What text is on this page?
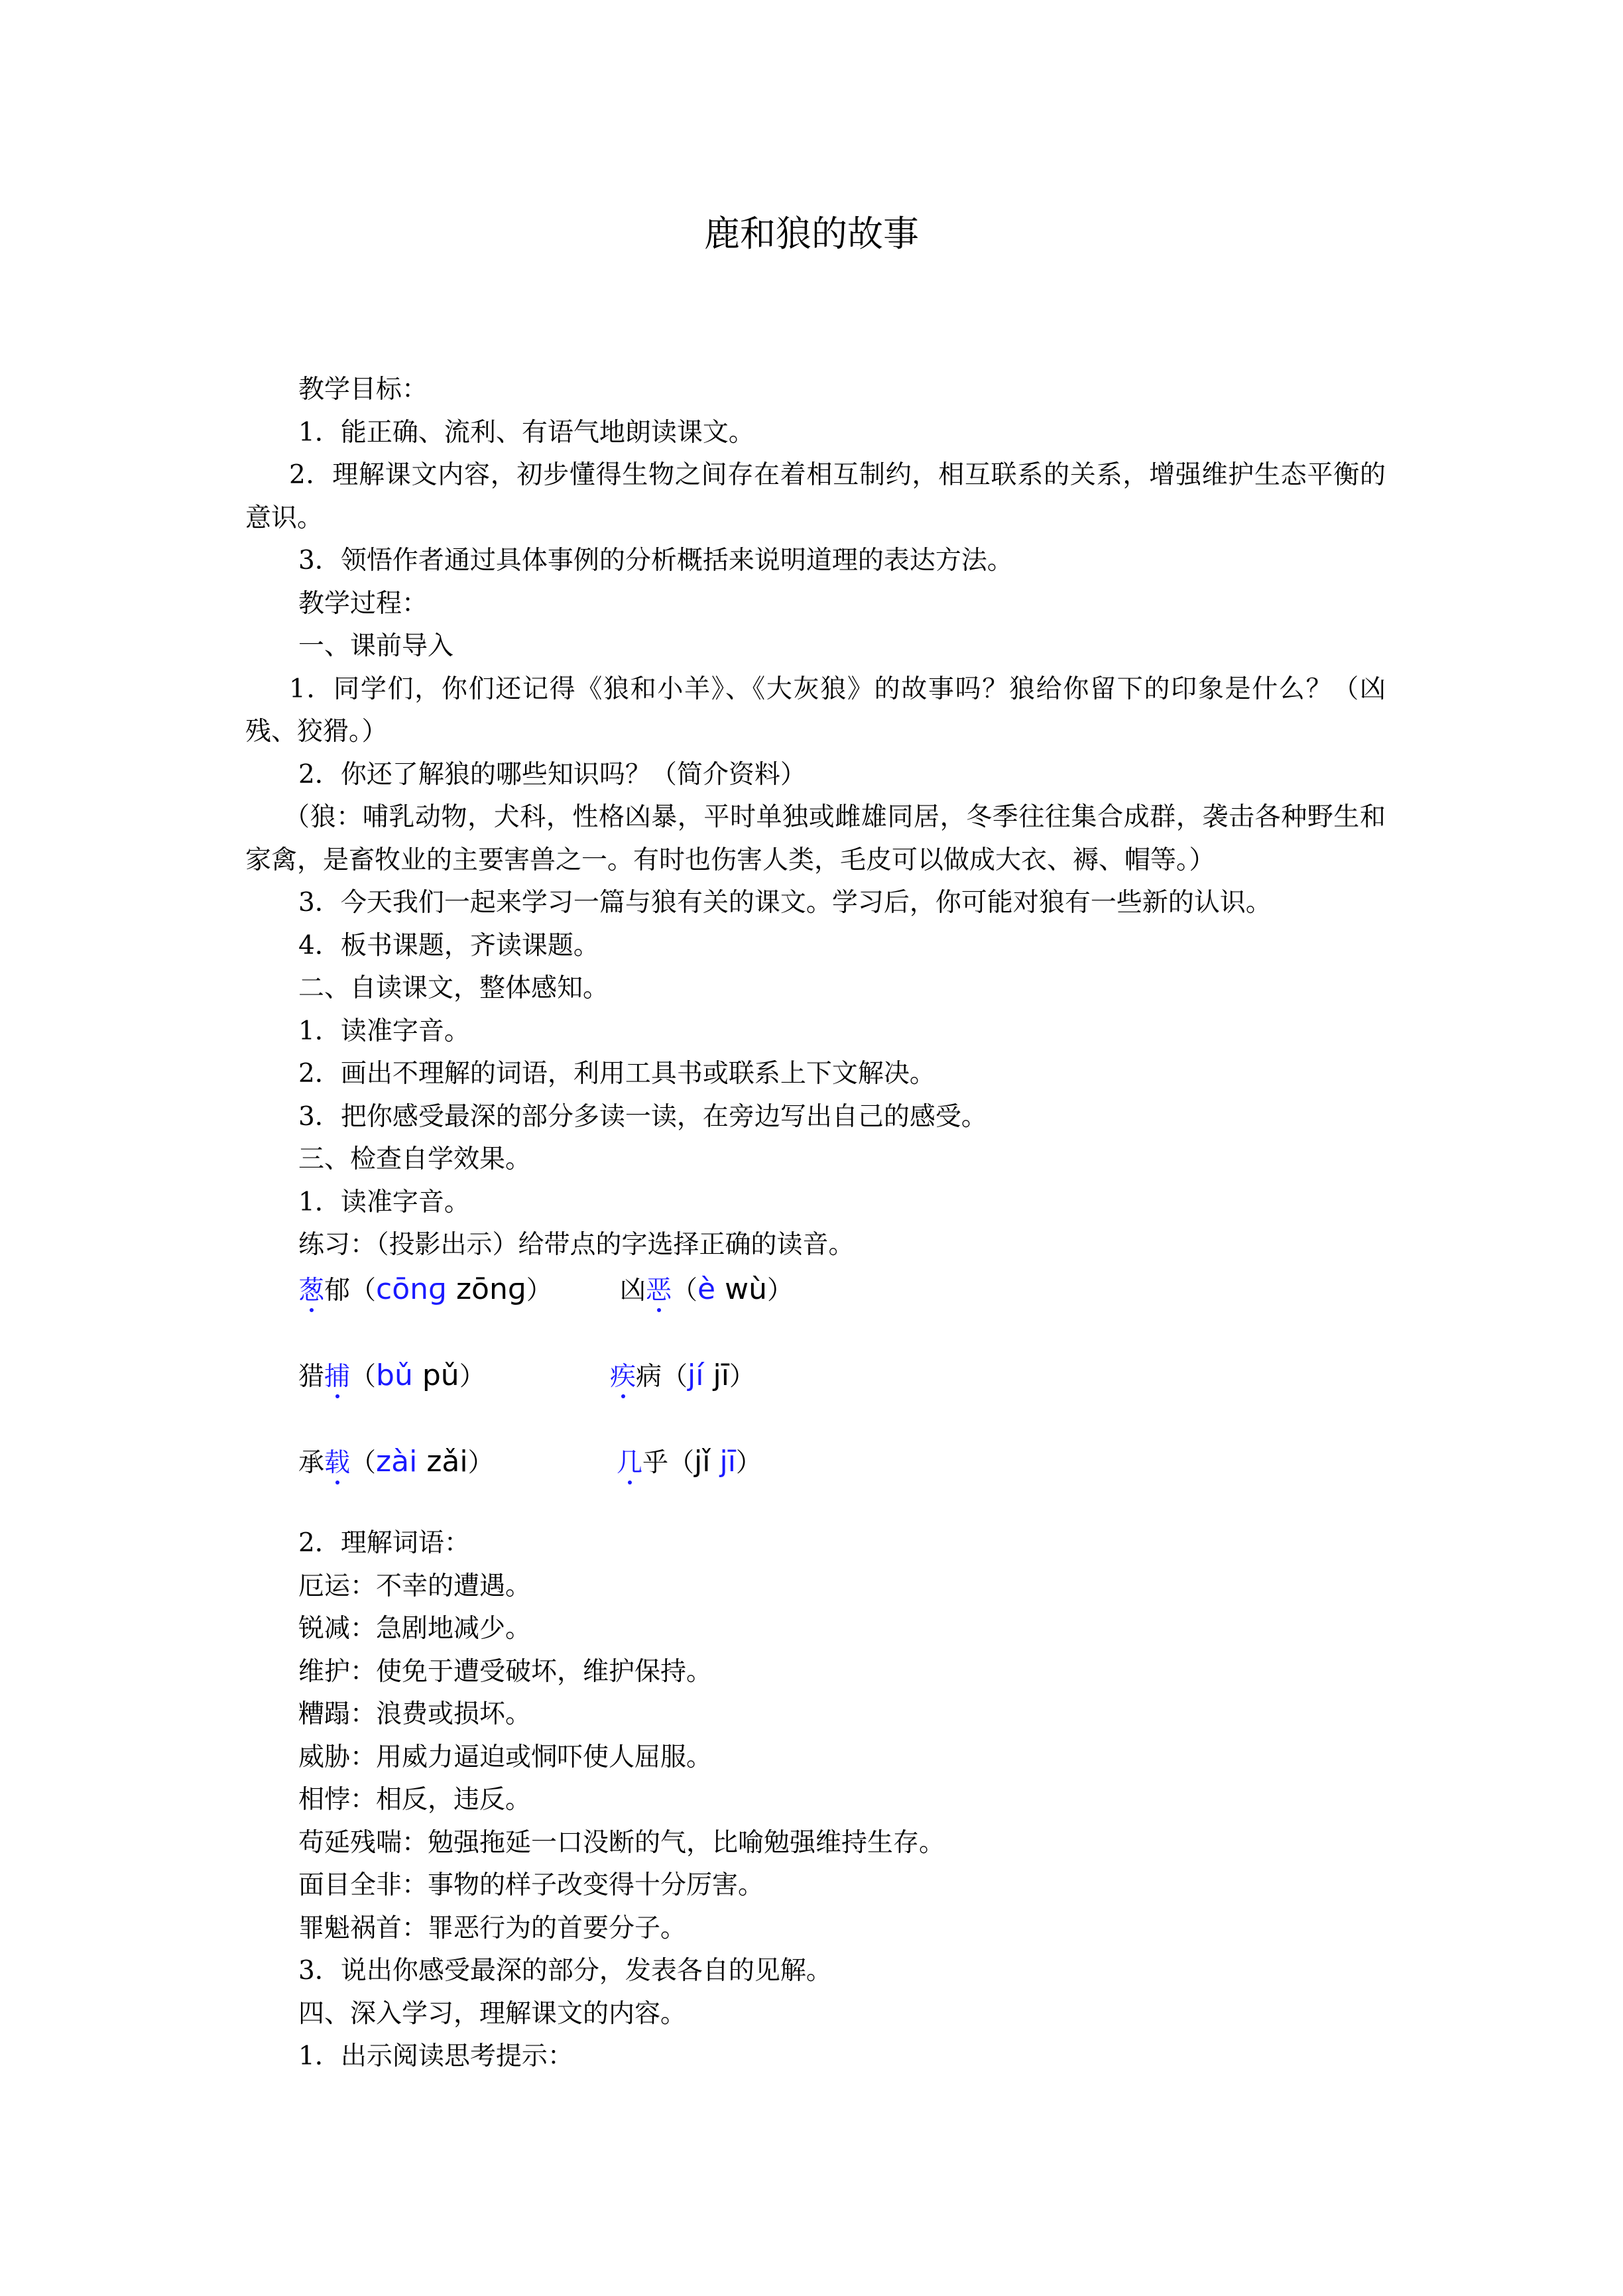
鹿和狼的故事

教学目标：

1．能正确、流利、有语气地朗读课文。

2．理解课文内容，初步懂得生物之间存在着相互制约，相互联系的关系，增强维护生态平衡的意识。

3．领悟作者通过具体事例的分析概括来说明道理的表达方法。

教学过程：

一、课前导入

1．同学们，你们还记得《狼和小羊》、《大灰狼》的故事吗？狼给你留下的印象是什么？（凶残、狡猾。）

2．你还了解狼的哪些知识吗？（简介资料）

（狼：哺乳动物，犬科，性格凶暴，平时单独或雌雄同居，冬季往往集合成群，袭击各种野生和家禽，是畜牧业的主要害兽之一。有时也伤害人类，毛皮可以做成大衣、褥、帽等。）

3．今天我们一起来学习一篇与狼有关的课文。学习后，你可能对狼有一些新的认识。

4．板书课题，齐读课题。

二、自读课文，整体感知。

1．读准字音。

2．画出不理解的词语，利用工具书或联系上下文解决。

3．把你感受最深的部分多读一读，在旁边写出自己的感受。

三、检查自学效果。

1．读准字音。

练习：（投影出示）给带点的字选择正确的读音。

葱郁（cōnɡ zōnɡ）	凶恶（è wù）
猎捕（bǔ pǔ）	疾病（jí jī）
承载（zài zǎi）	几乎（jǐ jī）

2．理解词语：

厄运：不幸的遭遇。

锐减：急剧地减少。

维护：使免于遭受破坏，维护保持。

糟蹋：浪费或损坏。

威胁：用威力逼迫或恫吓使人屈服。

相悖：相反，违反。

苟延残喘：勉强拖延一口没断的气，比喻勉强维持生存。

面目全非：事物的样子改变得十分厉害。

罪魁祸首：罪恶行为的首要分子。

3．说出你感受最深的部分，发表各自的见解。

四、深入学习，理解课文的内容。

1．出示阅读思考提示：
